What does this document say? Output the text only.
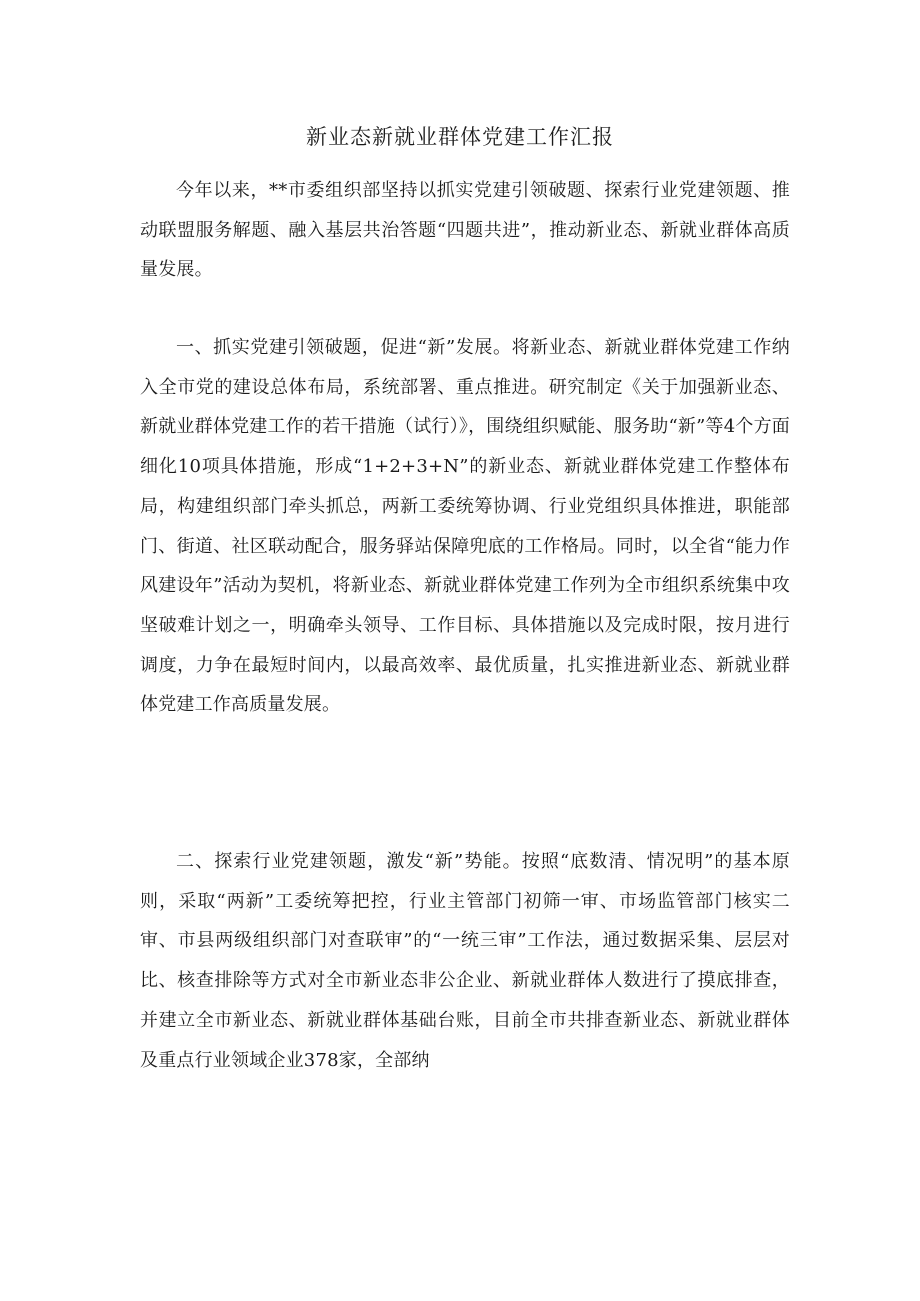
新业态新就业群体党建工作汇报

今年以来，**市委组织部坚持以抓实党建引领破题、探索行业党建领题、推动联盟服务解题、融入基层共治答题“四题共进”，推动新业态、新就业群体高质量发展。

一、抓实党建引领破题，促进“新”发展。将新业态、新就业群体党建工作纳入全市党的建设总体布局，系统部署、重点推进。研究制定《关于加强新业态、新就业群体党建工作的若干措施（试行）》，围绕组织赋能、服务助“新”等4个方面细化10项具体措施，形成“1+2+3+N”的新业态、新就业群体党建工作整体布局，构建组织部门牵头抓总，两新工委统筹协调、行业党组织具体推进，职能部门、街道、社区联动配合，服务驿站保障兜底的工作格局。同时，以全省“能力作风建设年”活动为契机，将新业态、新就业群体党建工作列为全市组织系统集中攻坚破难计划之一，明确牵头领导、工作目标、具体措施以及完成时限，按月进行调度，力争在最短时间内，以最高效率、最优质量，扎实推进新业态、新就业群体党建工作高质量发展。

二、探索行业党建领题，激发“新”势能。按照“底数清、情况明”的基本原则，采取“两新”工委统筹把控，行业主管部门初筛一审、市场监管部门核实二审、市县两级组织部门对查联审”的“一统三审”工作法，通过数据采集、层层对比、核查排除等方式对全市新业态非公企业、新就业群体人数进行了摸底排查，并建立全市新业态、新就业群体基础台账，目前全市共排查新业态、新就业群体及重点行业领域企业378家，全部纳
